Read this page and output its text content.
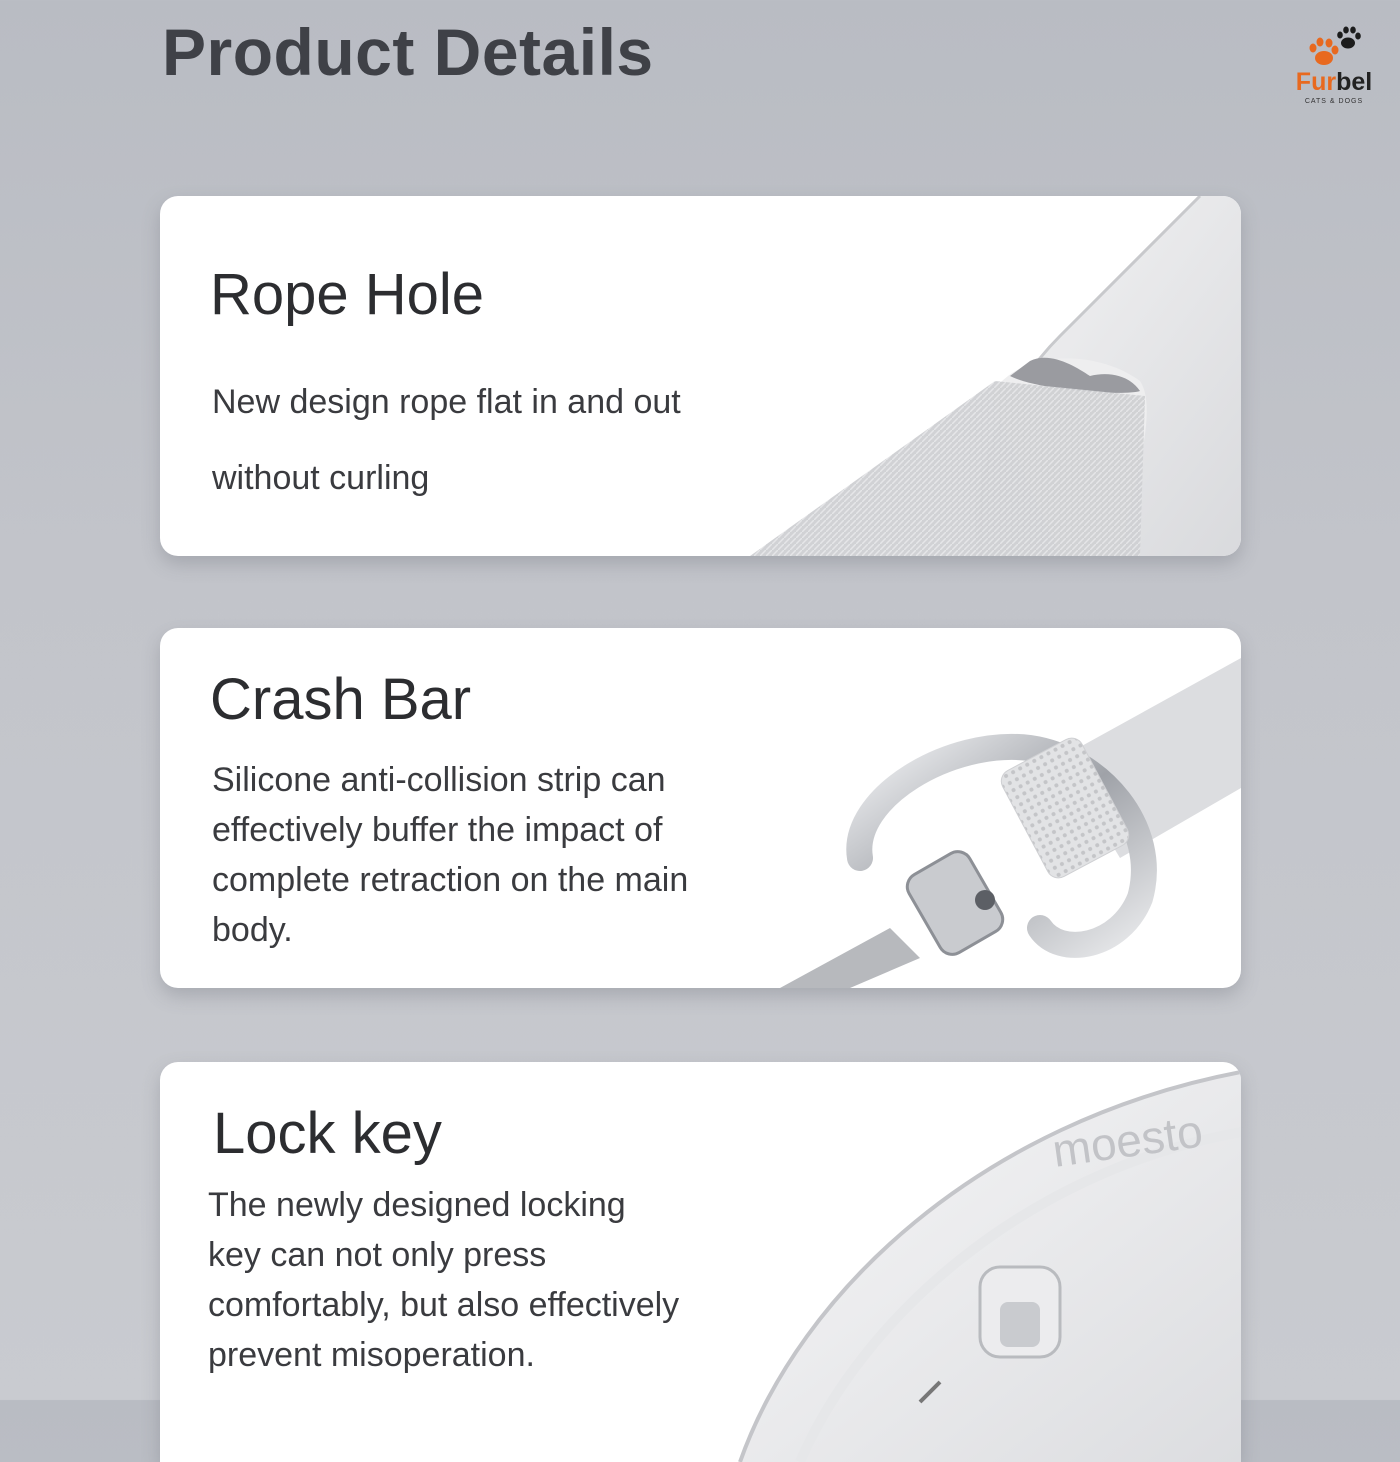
Product Details	Furbel
CATS & DOGS
Rope Hole
New design rope flat in and out
without curling
Crash Bar
Silicone anti-collision strip can
effectively buffer the impact of
complete retraction on the main
body.
moesto
Lock key
The newly designed locking
key can not only press
comfortably, but also effectively
prevent misoperation.
